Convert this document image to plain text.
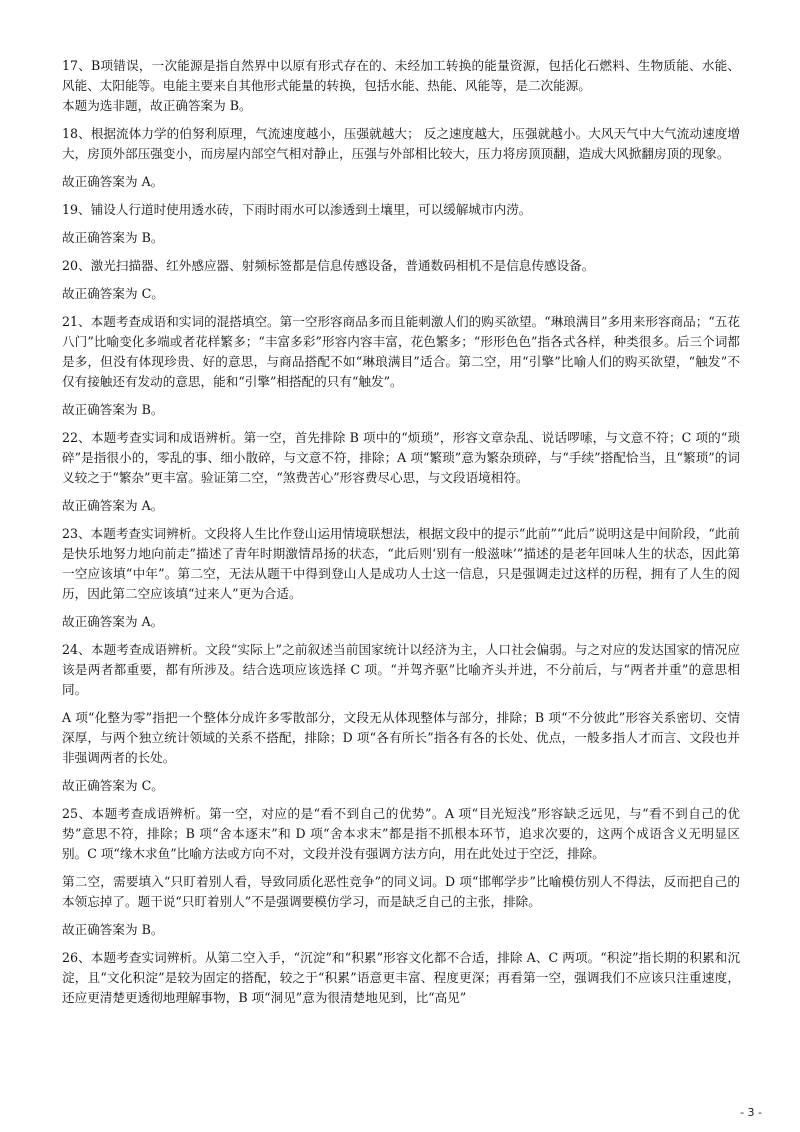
17、B项错误，一次能源是指自然界中以原有形式存在的、未经加工转换的能量资源，包括化石燃料、生物质能、水能、风能、太阳能等。电能主要来自其他形式能量的转换，包括水能、热能、风能等，是二次能源。

本题为选非题，故正确答案为 B。

18、根据流体力学的伯努利原理，气流速度越小，压强就越大； 反之速度越大，压强就越小。大风天气中大气流动速度增大，房顶外部压强变小，而房屋内部空气相对静止，压强与外部相比较大，压力将房顶顶翻，造成大风掀翻房顶的现象。

故正确答案为 A。

19、铺设人行道时使用透水砖，下雨时雨水可以渗透到土壤里，可以缓解城市内涝。

故正确答案为 B。

20、激光扫描器、红外感应器、射频标签都是信息传感设备，普通数码相机不是信息传感设备。

故正确答案为 C。

21、本题考查成语和实词的混搭填空。第一空形容商品多而且能刺激人们的购买欲望。“琳琅满目”多用来形容商品；“五花八门”比喻变化多端或者花样繁多；“丰富多彩”形容内容丰富，花色繁多；“形形色色”指各式各样，种类很多。后三个词都是多，但没有体现珍贵、好的意思，与商品搭配不如“琳琅满目”适合。第二空，用“引擎”比喻人们的购买欲望，“触发”不仅有接触还有发动的意思，能和“引擎”相搭配的只有“触发”。

故正确答案为 B。

22、本题考查实词和成语辨析。第一空，首先排除 B 项中的“烦琐”，形容文章杂乱、说话啰嗦，与文意不符；C 项的“琐碎”是指很小的，零乱的事、细小散碎，与文意不符，排除；A 项“繁琐”意为繁杂琐碎，与“手续”搭配恰当，且“繁琐”的词义较之于“繁杂”更丰富。验证第二空，“煞费苦心”形容费尽心思，与文段语境相符。

故正确答案为 A。

23、本题考查实词辨析。文段将人生比作登山运用情境联想法，根据文段中的提示“此前”“此后”说明这是中间阶段，“此前是快乐地努力地向前走”描述了青年时期激情昂扬的状态，“此后则‘别有一般滋味’”描述的是老年回味人生的状态，因此第一空应该填“中年”。第二空，无法从题干中得到登山人是成功人士这一信息，只是强调走过这样的历程，拥有了人生的阅历，因此第二空应该填“过来人”更为合适。

故正确答案为 A。

24、本题考查成语辨析。文段“实际上”之前叙述当前国家统计以经济为主，人口社会偏弱。与之对应的发达国家的情况应该是两者都重要，都有所涉及。结合选项应该选择 C 项。“并驾齐驱”比喻齐头并进，不分前后，与“两者并重”的意思相同。

A 项“化整为零”指把一个整体分成许多零散部分，文段无从体现整体与部分，排除；B 项“不分彼此”形容关系密切、交情深厚，与两个独立统计领域的关系不搭配，排除；D 项“各有所长”指各有各的长处、优点，一般多指人才而言、文段也并非强调两者的长处。

故正确答案为 C。

25、本题考查成语辨析。第一空，对应的是“看不到自己的优势”。A 项“目光短浅”形容缺乏远见，与“看不到自己的优势”意思不符，排除；B 项“舍本逐末”和 D 项“舍本求末”都是指不抓根本环节，追求次要的，这两个成语含义无明显区别。C 项“缘木求鱼”比喻方法或方向不对，文段并没有强调方法方向，用在此处过于空泛，排除。

第二空，需要填入“只盯着别人看，导致同质化恶性竞争”的同义词。D 项“邯郸学步”比喻模仿别人不得法，反而把自己的本领忘掉了。题干说“只盯着别人”不是强调要模仿学习，而是缺乏自己的主张，排除。

故正确答案为 B。

26、本题考查实词辨析。从第二空入手，“沉淀”和“积累”形容文化都不合适，排除 A、C 两项。“积淀”指长期的积累和沉淀，且“文化积淀”是较为固定的搭配，较之于“积累”语意更丰富、程度更深；再看第一空，强调我们不应该只注重速度，还应更清楚更透彻地理解事物，B 项“洞见”意为很清楚地见到，比“高见”

- 3 -
